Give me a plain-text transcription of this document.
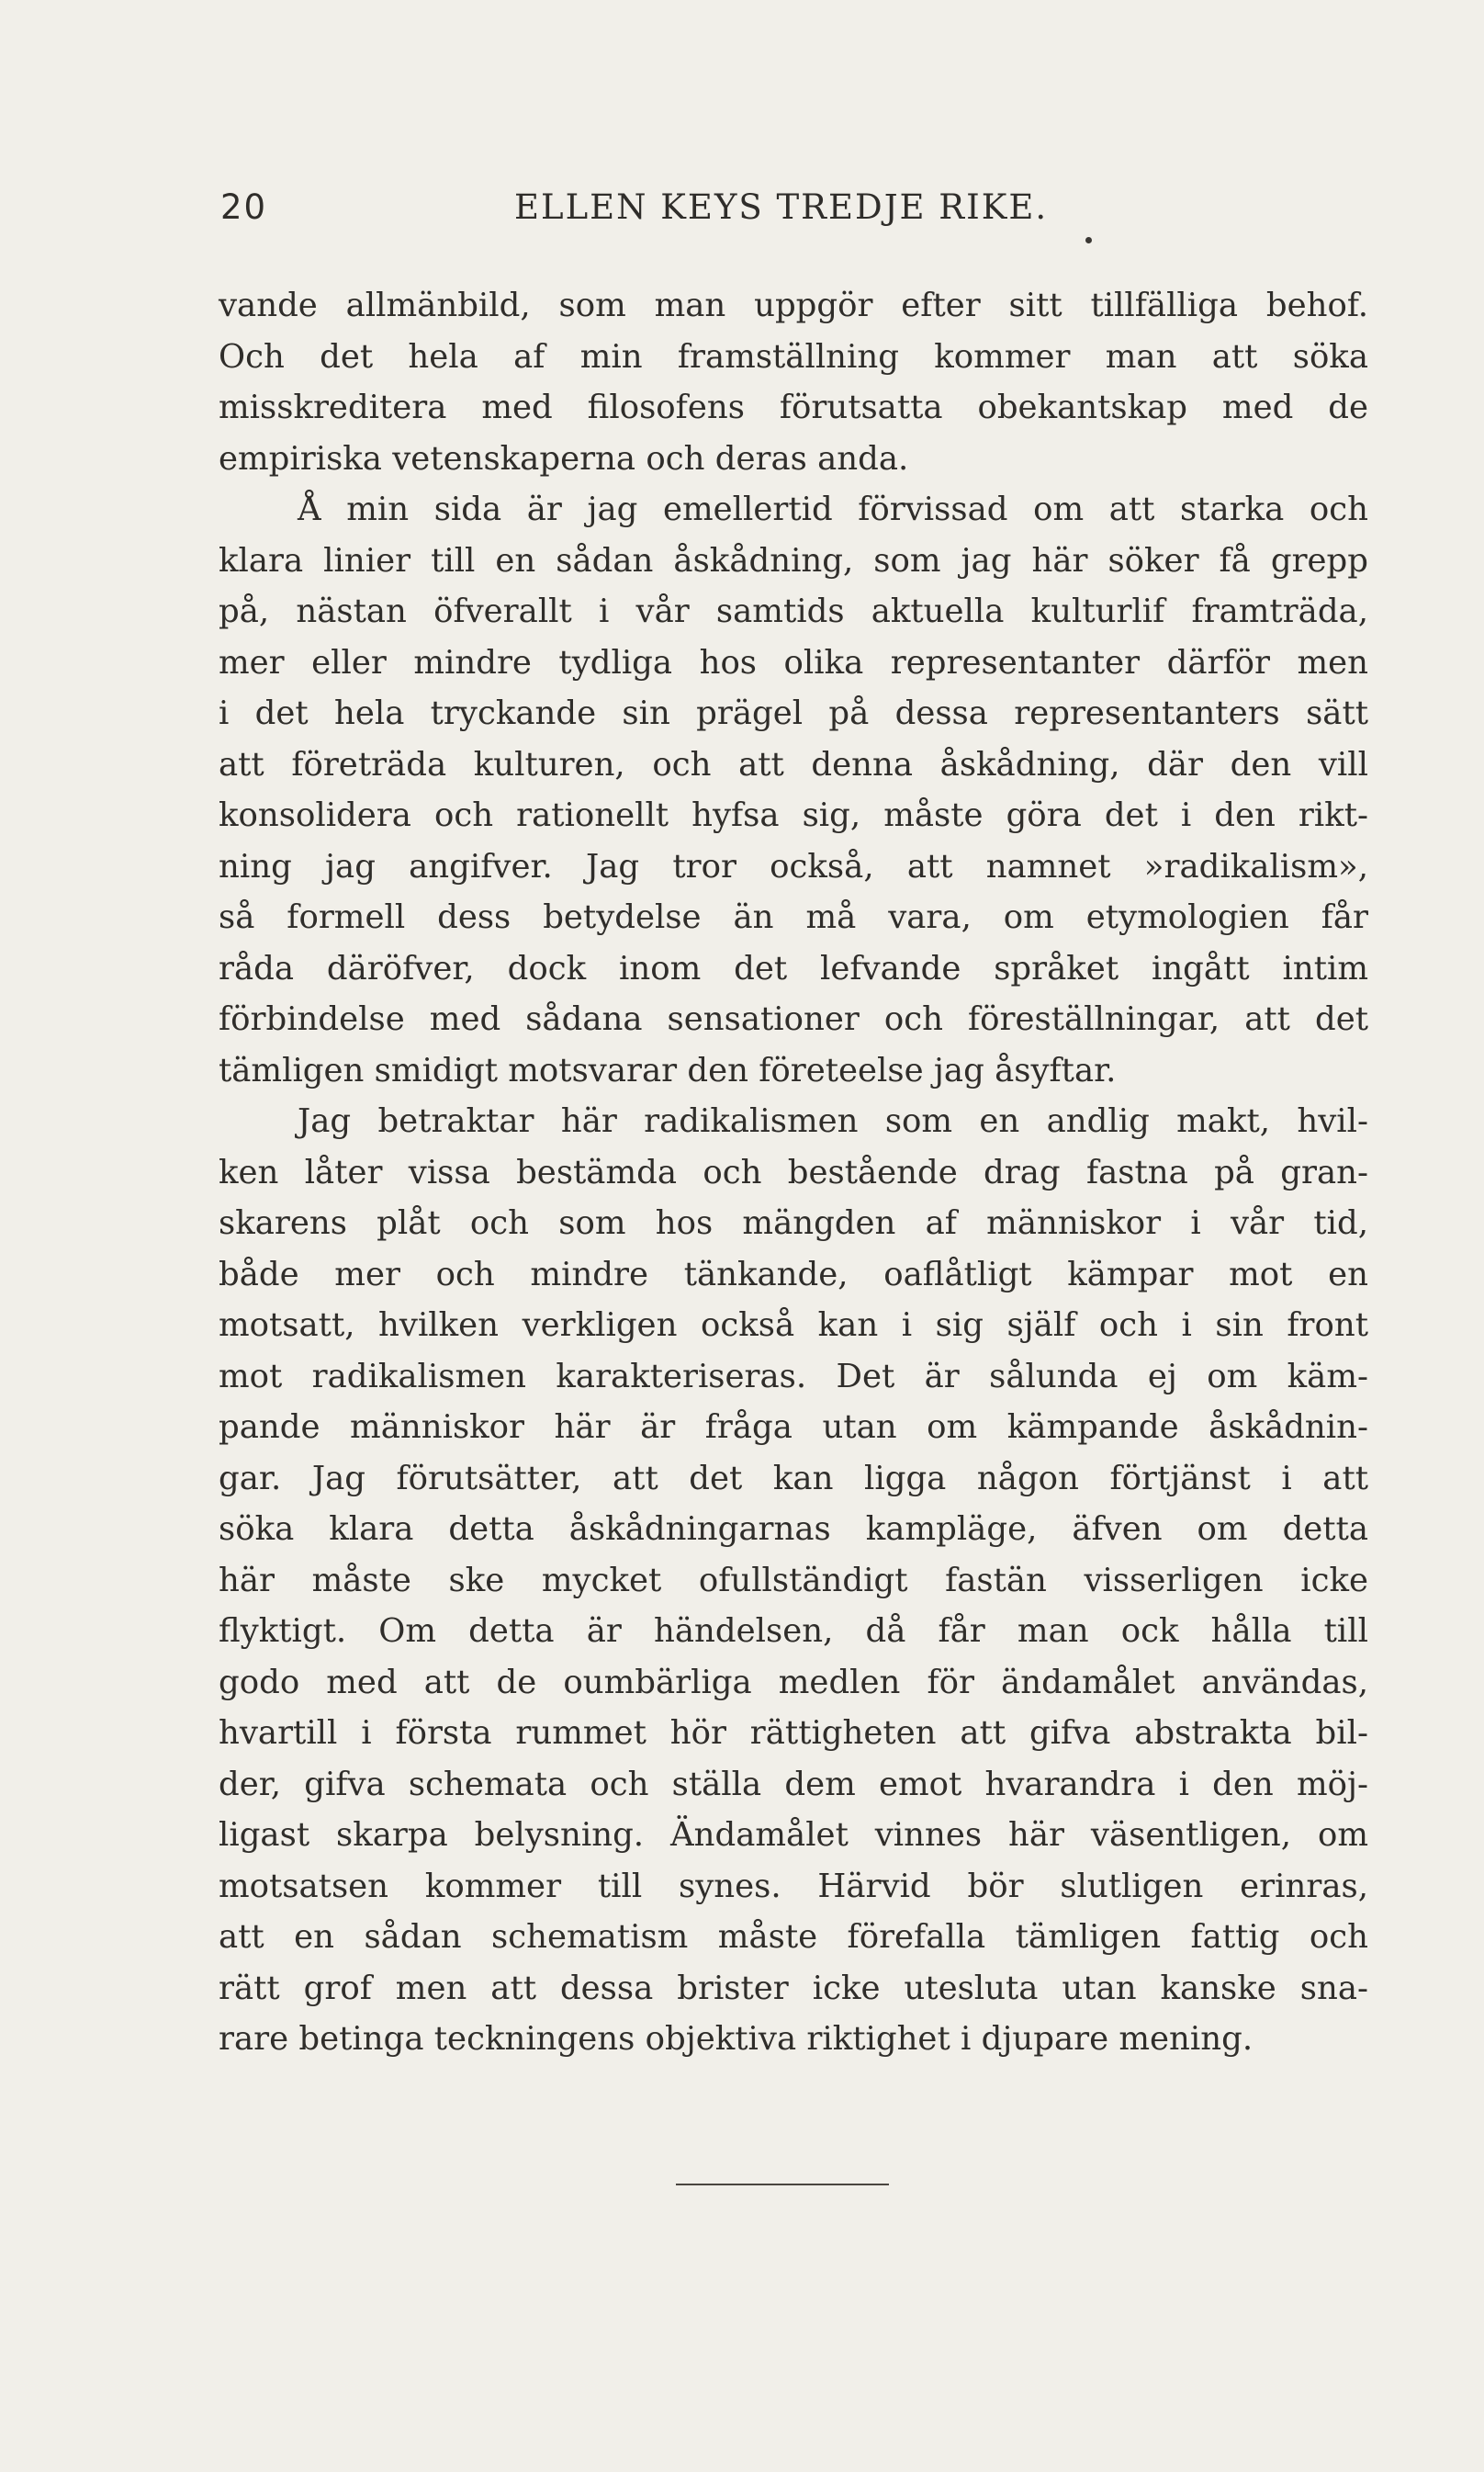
20	ELLEN KEYS TREDJE RIKE.
vande allmänbild, som man uppgör efter sitt tillfälliga behof.
Och det hela af min framställning kommer man att söka
misskreditera med filosofens förutsatta obekantskap med de
empiriska vetenskaperna och deras anda.
Å min sida är jag emellertid förvissad om att starka och
klara linier till en sådan åskådning, som jag här söker få grepp
på, nästan öfverallt i vår samtids aktuella kulturlif framträda,
mer eller mindre tydliga hos olika representanter därför men
i det hela tryckande sin prägel på dessa representanters sätt
att företräda kulturen, och att denna åskådning, där den vill
konsolidera och rationellt hyfsa sig, måste göra det i den rikt-
ning jag angifver. Jag tror också, att namnet »radikalism»,
så formell dess betydelse än må vara, om etymologien får
råda däröfver, dock inom det lefvande språket ingått intim
förbindelse med sådana sensationer och föreställningar, att det
tämligen smidigt motsvarar den företeelse jag åsyftar.
Jag betraktar här radikalismen som en andlig makt, hvil-
ken låter vissa bestämda och bestående drag fastna på gran-
skarens plåt och som hos mängden af människor i vår tid,
både mer och mindre tänkande, oaflåtligt kämpar mot en
motsatt, hvilken verkligen också kan i sig själf och i sin front
mot radikalismen karakteriseras. Det är sålunda ej om käm-
pande människor här är fråga utan om kämpande åskådnin-
gar. Jag förutsätter, att det kan ligga någon förtjänst i att
söka klara detta åskådningarnas kampläge, äfven om detta
här måste ske mycket ofullständigt fastän visserligen icke
flyktigt. Om detta är händelsen, då får man ock hålla till
godo med att de oumbärliga medlen för ändamålet användas,
hvartill i första rummet hör rättigheten att gifva abstrakta bil-
der, gifva schemata och ställa dem emot hvarandra i den möj-
ligast skarpa belysning. Ändamålet vinnes här väsentligen, om
motsatsen kommer till synes. Härvid bör slutligen erinras,
att en sådan schematism måste förefalla tämligen fattig och
rätt grof men att dessa brister icke utesluta utan kanske sna-
rare betinga teckningens objektiva riktighet i djupare mening.
